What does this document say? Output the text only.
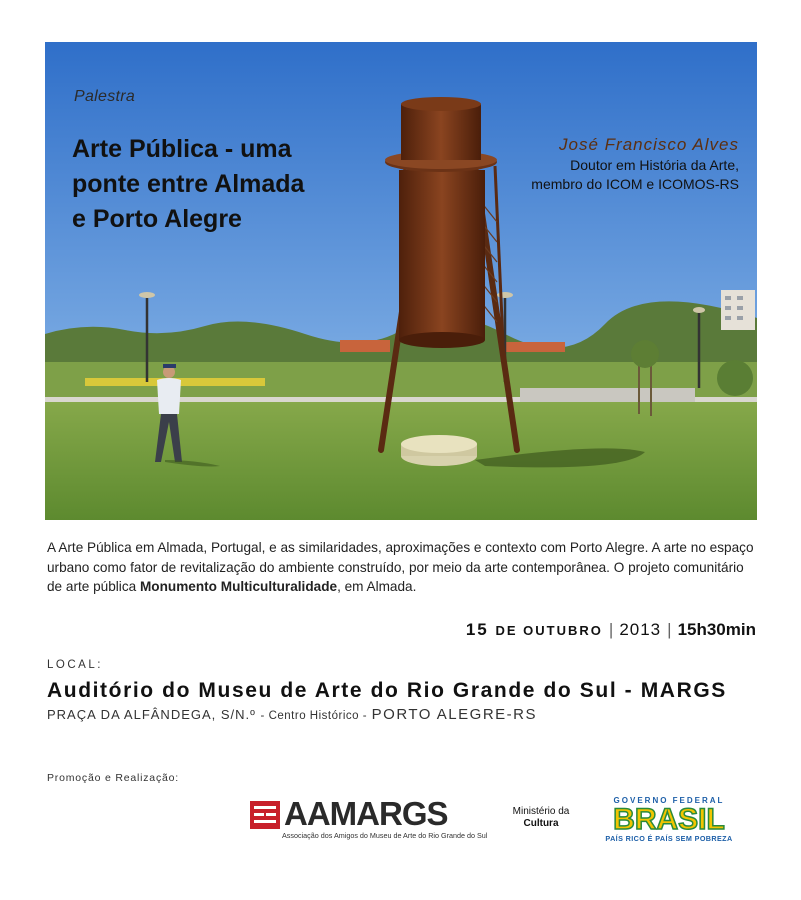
Palestra
Arte Pública - uma
ponte entre Almada
e Porto Alegre
José Francisco Alves
Doutor em História da Arte,
membro do ICOM e ICOMOS-RS
A Arte Pública em Almada, Portugal, e as similaridades, aproximações e contexto com Porto Alegre. A arte no espaço urbano como fator de revitalização do ambiente construído, por meio da arte contemporânea. O projeto comunitário de arte pública Monumento Multiculturalidade, em Almada.
15 DE OUTUBRO | 2013 | 15h30min
LOCAL:
Auditório do Museu de Arte do Rio Grande do Sul - MARGS
PRAÇA DA ALFÂNDEGA, S/N.º - Centro Histórico - PORTO ALEGRE-RS
Promoção e Realização:
AAMARGS
Associação dos Amigos do Museu de Arte do Rio Grande do Sul
Ministério da
Cultura
GOVERNO FEDERAL
BRASIL
PAÍS RICO É PAÍS SEM POBREZA
